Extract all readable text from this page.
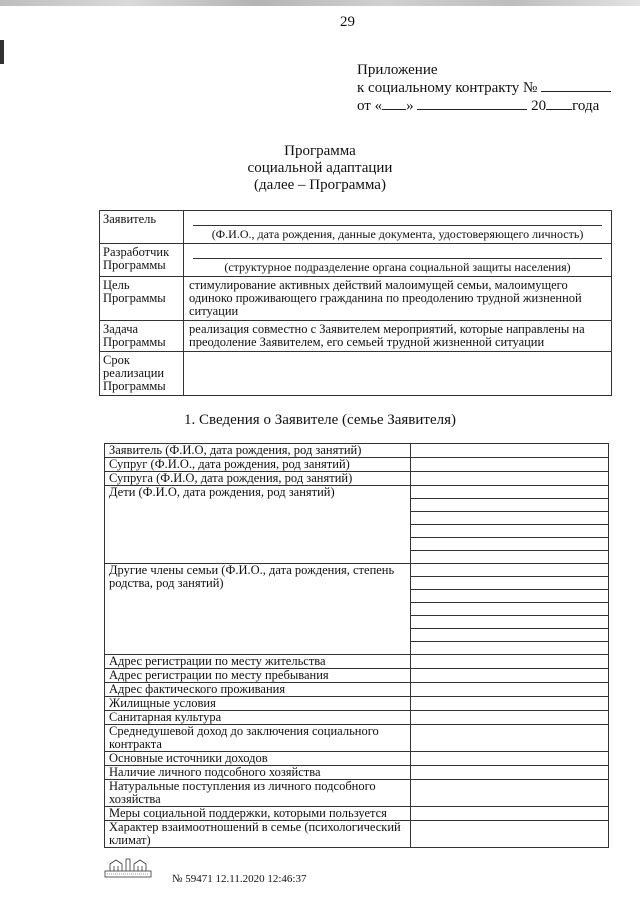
29
Приложение
к социальному контракту №
от « »	20 года
Программа
социальной адаптации
(далее – Программа)
Заявитель	(Ф.И.О., дата рождения, данные документа, удостоверяющего личность)

Разработчик Программы	(структурное подразделение органа социальной защиты населения)

Цель Программы	стимулирование активных действий малоимущей семьи, малоимущего одиноко проживающего гражданина по преодолению трудной жизненной ситуации
Задача Программы	реализация совместно с Заявителем мероприятий, которые направлены на преодоление Заявителем, его семьей трудной жизненной ситуации
Срок реализации Программы	
1. Сведения о Заявителе (семье Заявителя)
Заявитель (Ф.И.О, дата рождения, род занятий)	
Супруг (Ф.И.О., дата рождения, род занятий)	
Супруга (Ф.И.О, дата рождения, род занятий)	
Дети (Ф.И.О, дата рождения, род занятий)	

Другие члены семьи (Ф.И.О., дата рождения, степень родства, род занятий)	

Адрес регистрации по месту жительства	
Адрес регистрации по месту пребывания	
Адрес фактического проживания	
Жилищные условия	
Санитарная культура	
Среднедушевой доход до заключения социального контракта	
Основные источники доходов	
Наличие личного подсобного хозяйства	
Натуральные поступления из личного подсобного хозяйства	
Меры социальной поддержки, которыми пользуется	
Характер взаимоотношений в семье (психологический климат)	
№ 59471 12.11.2020 12:46:37
